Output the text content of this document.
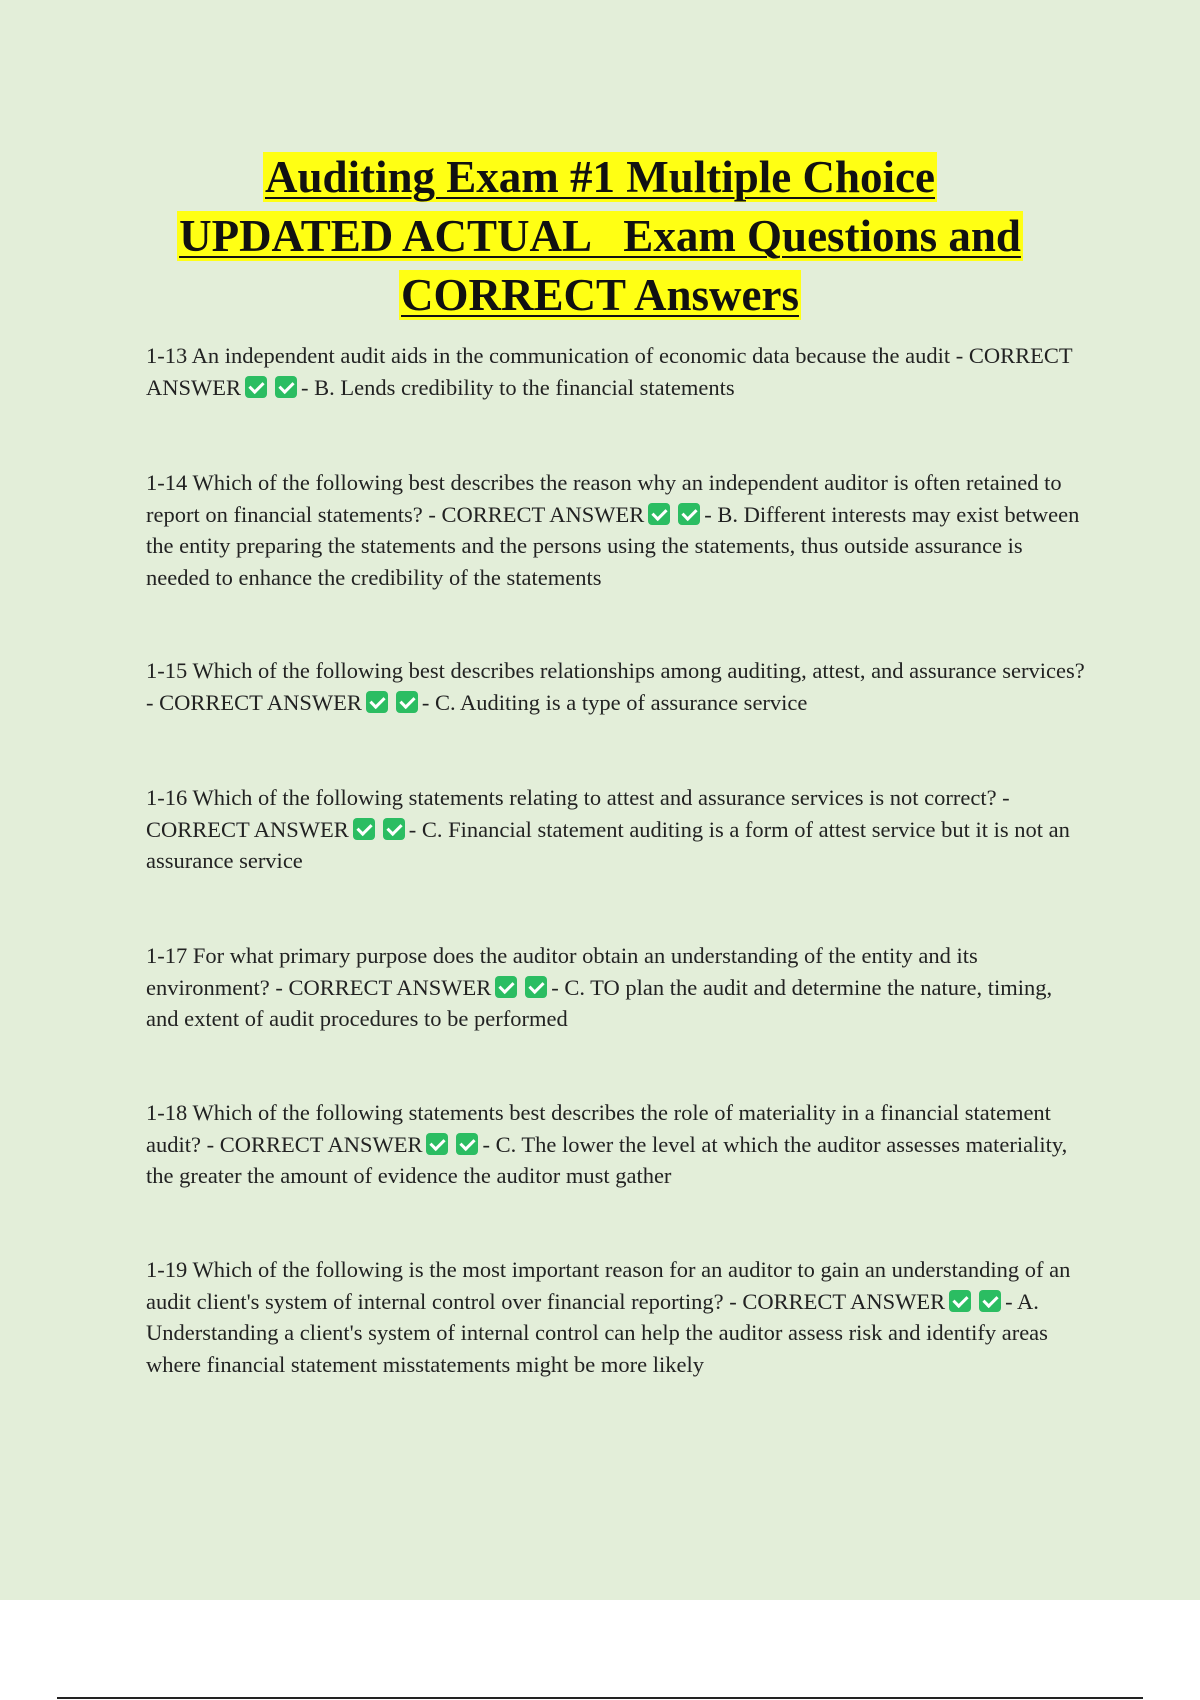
Auditing Exam #1 Multiple Choice
UPDATED ACTUAL   Exam Questions and
CORRECT Answers
1-13 An independent audit aids in the communication of economic data because the audit - CORRECT ANSWER	- B. Lends credibility to the financial statements
1-14 Which of the following best describes the reason why an independent auditor is often retained to report on financial statements? - CORRECT ANSWER	- B. Different interests may exist between the entity preparing the statements and the persons using the statements, thus outside assurance is needed to enhance the credibility of the statements
1-15 Which of the following best describes relationships among auditing, attest, and assurance services? - CORRECT ANSWER	- C. Auditing is a type of assurance service
1-16 Which of the following statements relating to attest and assurance services is not correct? - CORRECT ANSWER	- C. Financial statement auditing is a form of attest service but it is not an assurance service
1-17 For what primary purpose does the auditor obtain an understanding of the entity and its environment? - CORRECT ANSWER	- C. TO plan the audit and determine the nature, timing, and extent of audit procedures to be performed
1-18 Which of the following statements best describes the role of materiality in a financial statement audit? - CORRECT ANSWER	- C. The lower the level at which the auditor assesses materiality, the greater the amount of evidence the auditor must gather
1-19 Which of the following is the most important reason for an auditor to gain an understanding of an audit client's system of internal control over financial reporting? - CORRECT ANSWER	- A. Understanding a client's system of internal control can help the auditor assess risk and identify areas where financial statement misstatements might be more likely
